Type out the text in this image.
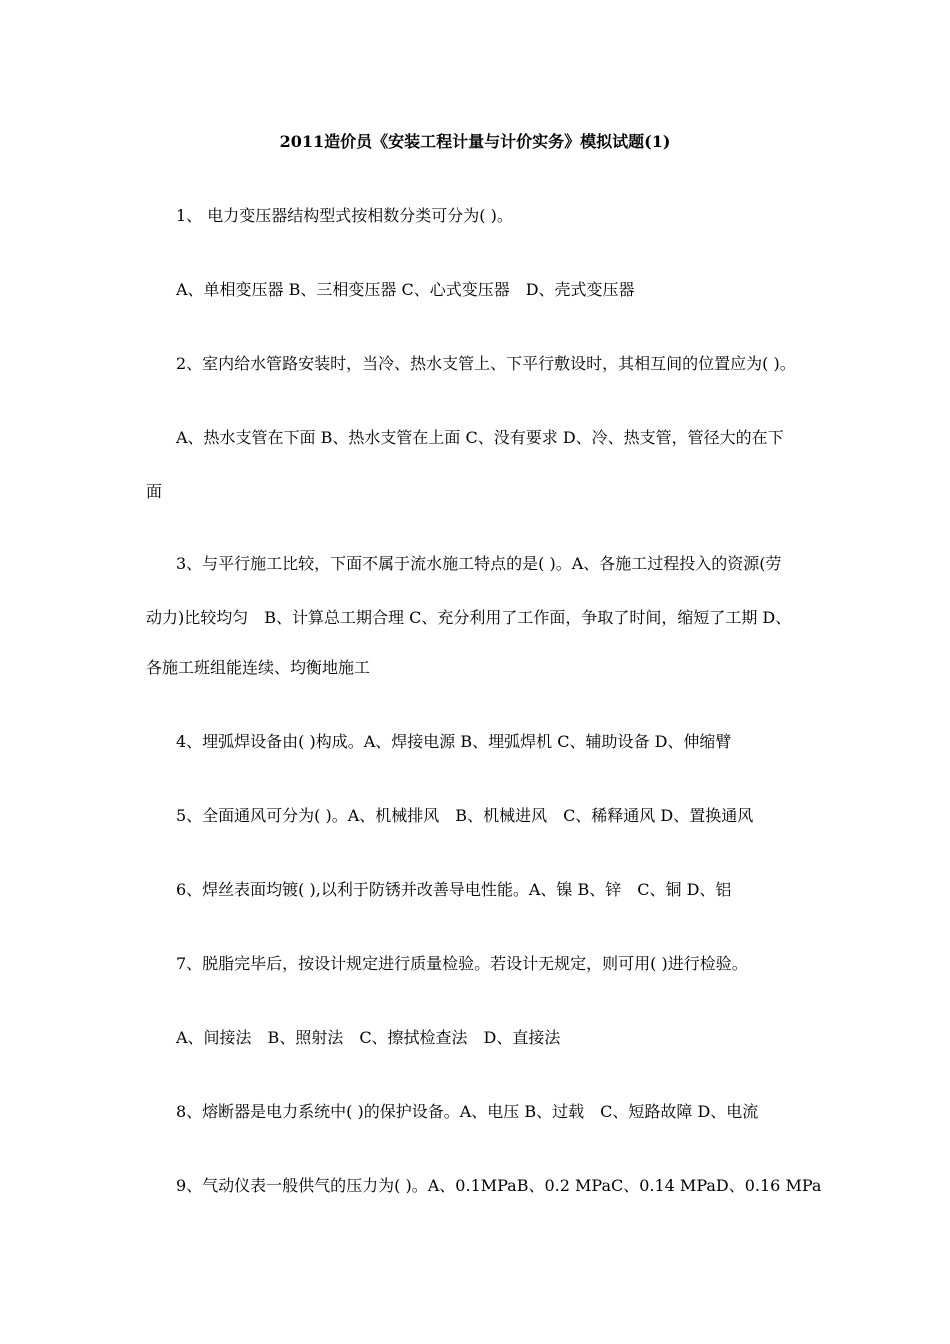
2011造价员《安装工程计量与计价实务》模拟试题(1)
1、 电力变压器结构型式按相数分类可分为( )。
A、单相变压器 B、三相变压器 C、心式变压器　D、壳式变压器
2、室内给水管路安装时，当冷、热水支管上、下平行敷设时，其相互间的位置应为( )。
A、热水支管在下面 B、热水支管在上面 C、没有要求 D、冷、热支管，管径大的在下
面
3、与平行施工比较，下面不属于流水施工特点的是( )。A、各施工过程投入的资源(劳
动力)比较均匀　B、计算总工期合理 C、充分利用了工作面，争取了时间，缩短了工期 D、
各施工班组能连续、均衡地施工
4、埋弧焊设备由( )构成。A、焊接电源 B、埋弧焊机 C、辅助设备 D、伸缩臂
5、全面通风可分为( )。A、机械排风　B、机械进风　C、稀释通风 D、置换通风
6、焊丝表面均镀( ),以利于防锈并改善导电性能。A、镍 B、锌　C、铜 D、铝
7、脱脂完毕后，按设计规定进行质量检验。若设计无规定，则可用( )进行检验。
A、间接法　B、照射法　C、擦拭检查法　D、直接法
8、熔断器是电力系统中( )的保护设备。A、电压 B、过载　C、短路故障 D、电流
9、气动仪表一般供气的压力为( )。A、0.1MPaB、0.2 MPaC、0.14 MPaD、0.16 MPa
